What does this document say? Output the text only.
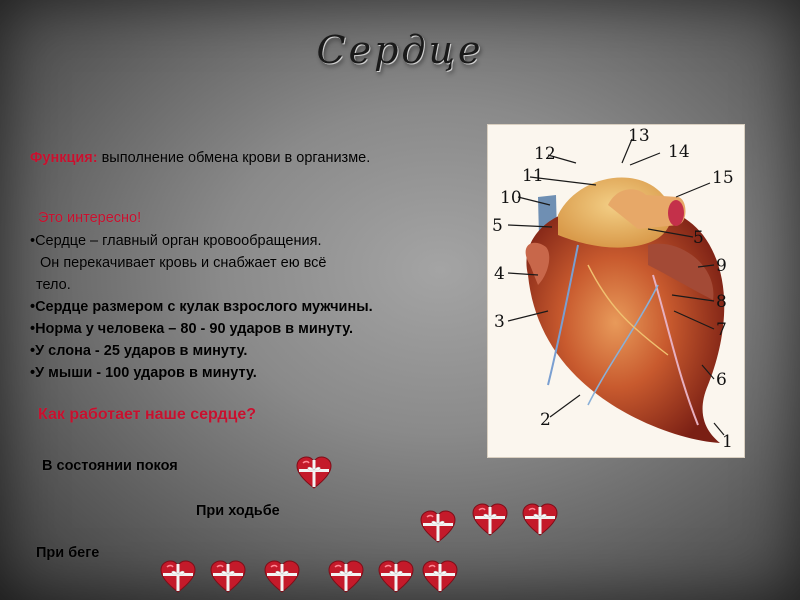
Сердце
Функция: выполнение обмена крови в организме.
Это интересно!
• Сердце – главный орган кровообращения.
Он перекачивает кровь и снабжает ею всё
тело.
• Сердце размером с кулак взрослого мужчины.
• Норма у человека – 80 - 90 ударов в минуту.
• У слона - 25 ударов в минуту.
• У мыши - 100 ударов в минуту.
Как работает наше сердце?
В состоянии покоя
При ходьбе
При беге
12
13
14
11
10
15
5
5
4	9
8
3	7
6
2
1
